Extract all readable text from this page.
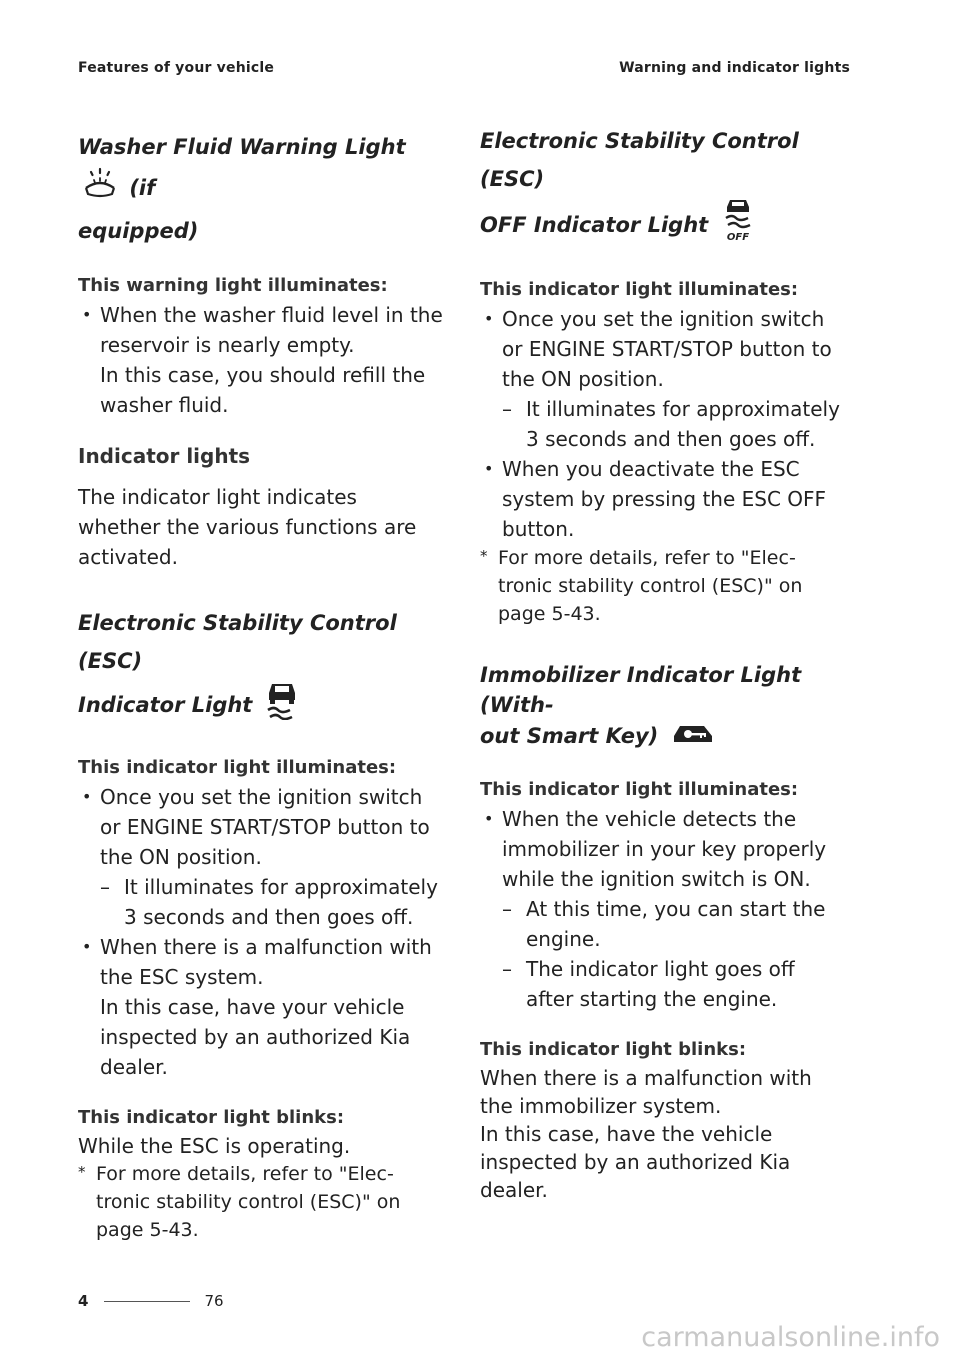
Features of your vehicle	Warning and indicator lights
Washer Fluid Warning Light  (if
equipped)
This warning light illuminates:
• When the washer fluid level in the
reservoir is nearly empty.
In this case, you should refill the
washer fluid.
Indicator lights
The indicator light indicates
whether the various functions are
activated.
Electronic Stability Control (ESC)
Indicator Light
This indicator light illuminates:
• Once you set the ignition switch
or ENGINE START/STOP button to
the ON position.
– It illuminates for approximately
3 seconds and then goes off.
• When there is a malfunction with
the ESC system.
In this case, have your vehicle
inspected by an authorized Kia
dealer.
This indicator light blinks:
While the ESC is operating.
* For more details, refer to "Elec-
tronic stability control (ESC)" on
page 5-43.
Electronic Stability Control (ESC)
OFF Indicator Light
OFF
This indicator light illuminates:
• Once you set the ignition switch
or ENGINE START/STOP button to
the ON position.
– It illuminates for approximately
3 seconds and then goes off.
• When you deactivate the ESC
system by pressing the ESC OFF
button.
* For more details, refer to "Elec-
tronic stability control (ESC)" on
page 5-43.
Immobilizer Indicator Light (With-
out Smart Key)
This indicator light illuminates:
• When the vehicle detects the
immobilizer in your key properly
while the ignition switch is ON.
– At this time, you can start the
engine.
– The indicator light goes off
after starting the engine.
This indicator light blinks:
When there is a malfunction with
the immobilizer system.
In this case, have the vehicle
inspected by an authorized Kia
dealer.
4	76
carmanualsonline.info
